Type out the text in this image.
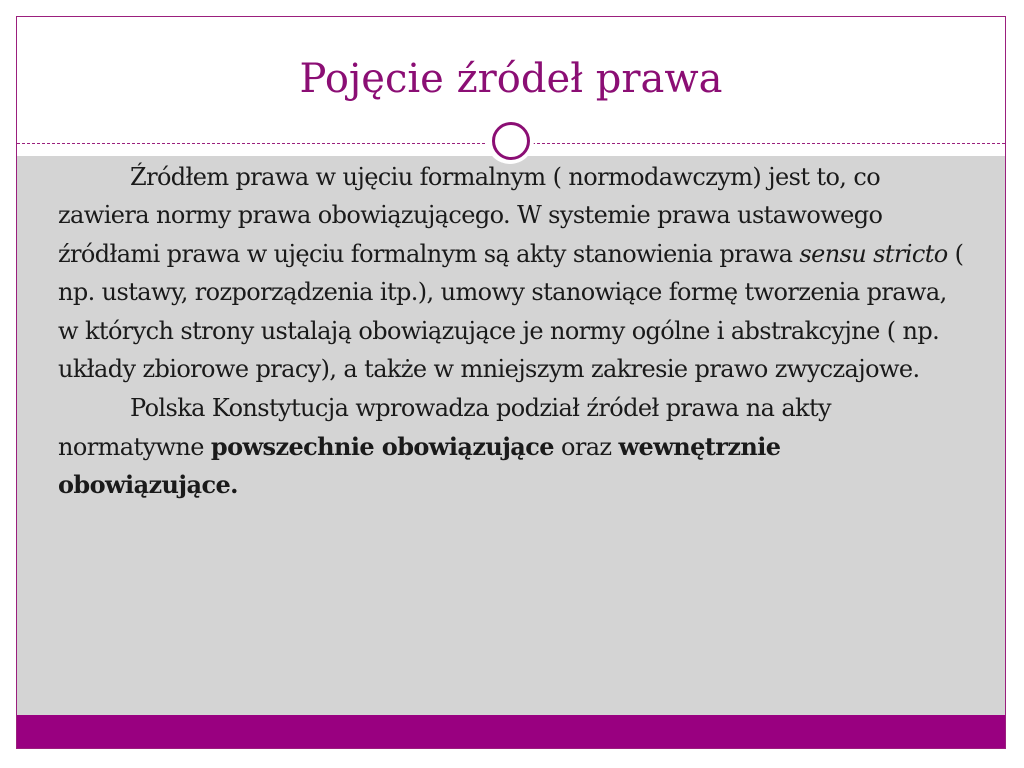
Pojęcie źródeł prawa

Źródłem prawa w ujęciu formalnym ( normodawczym) jest to, co zawiera normy prawa obowiązującego. W systemie prawa ustawowego źródłami prawa w ujęciu formalnym są akty stanowienia prawa sensu stricto ( np. ustawy, rozporządzenia itp.), umowy stanowiące formę tworzenia prawa, w których strony ustalają obowiązujące je normy ogólne i abstrakcyjne ( np. układy zbiorowe pracy), a także w mniejszym zakresie prawo zwyczajowe.

Polska Konstytucja wprowadza podział źródeł prawa na akty normatywne powszechnie obowiązujące oraz wewnętrznie obowiązujące.
